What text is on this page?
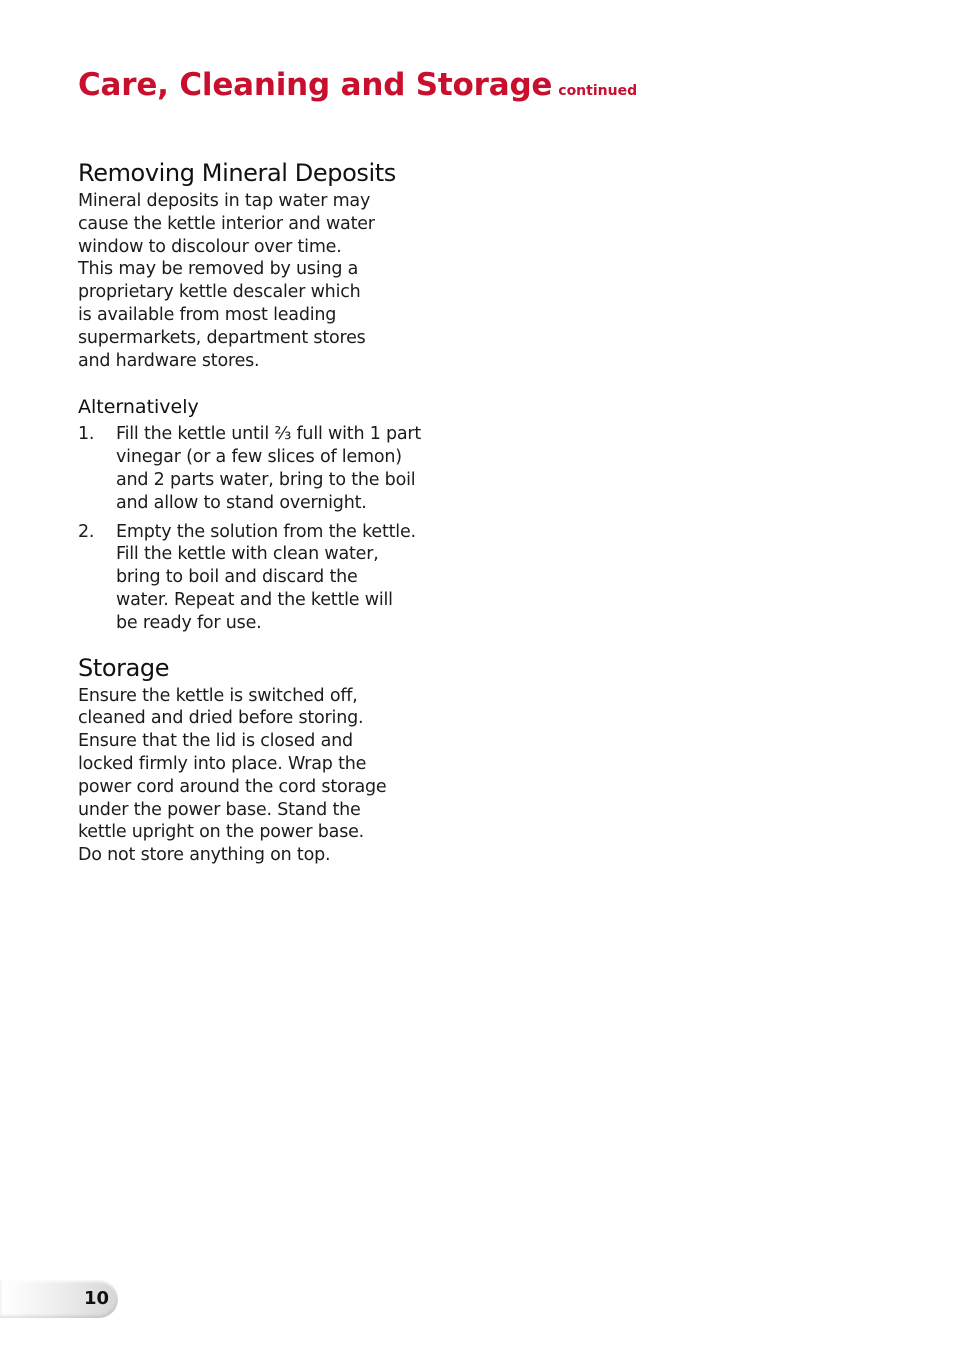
Care, Cleaning and Storage continued
Removing Mineral Deposits

Mineral deposits in tap water may
cause the kettle interior and water
window to discolour over time.
This may be removed by using a
proprietary kettle descaler which
is available from most leading
supermarkets, department stores
and hardware stores.

Alternatively
1.	Fill the kettle until ⅔ full with 1 part
vinegar (or a few slices of lemon)
and 2 parts water, bring to the boil
and allow to stand overnight.
2.	Empty the solution from the kettle.
Fill the kettle with clean water,
bring to boil and discard the
water. Repeat and the kettle will
be ready for use.
Storage

Ensure the kettle is switched off,
cleaned and dried before storing.
Ensure that the lid is closed and
locked firmly into place. Wrap the
power cord around the cord storage
under the power base. Stand the
kettle upright on the power base.
Do not store anything on top.

10
